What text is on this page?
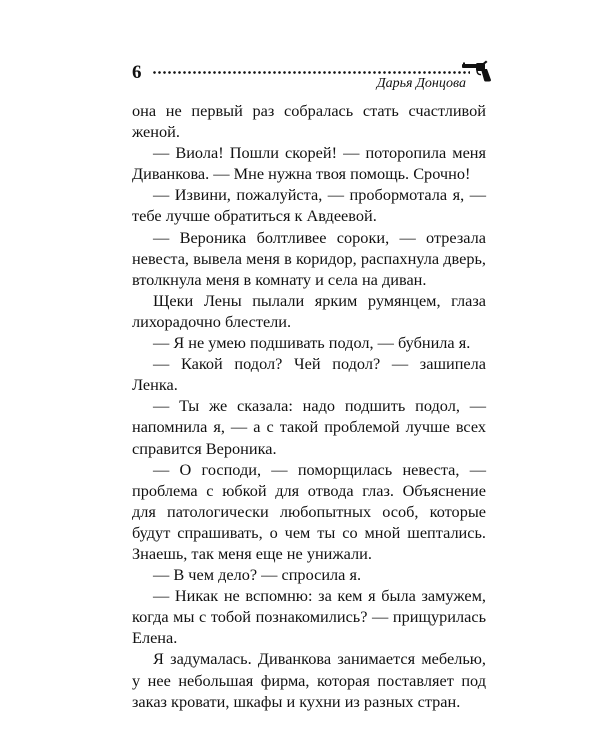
6
Дарья Донцова

она не первый раз собралась стать счастливой женой.

— Виола! Пошли скорей! — поторопила меня Диванкова. — Мне нужна твоя помощь. Срочно!

— Извини, пожалуйста, — пробормотала я, — тебе лучше обратиться к Авдеевой.

— Вероника болтливее сороки, — отрезала невеста, вывела меня в коридор, распахнула дверь, втолкнула меня в комнату и села на диван.

Щеки Лены пылали ярким румянцем, глаза лихорадочно блестели.

— Я не умею подшивать подол, — бубнила я.

— Какой подол? Чей подол? — зашипела Ленка.

— Ты же сказала: надо подшить подол, — напомнила я, — а с такой проблемой лучше всех справится Вероника.

— О господи, — поморщилась невеста, — проблема с юбкой для отвода глаз. Объяснение для патологически любопытных особ, которые будут спрашивать, о чем ты со мной шептались. Знаешь, так меня еще не унижали.

— В чем дело? — спросила я.

— Никак не вспомню: за кем я была замужем, когда мы с тобой познакомились? — прищурилась Елена.

Я задумалась. Диванкова занимается мебелью, у нее небольшая фирма, которая поставляет под заказ кровати, шкафы и кухни из разных стран.
